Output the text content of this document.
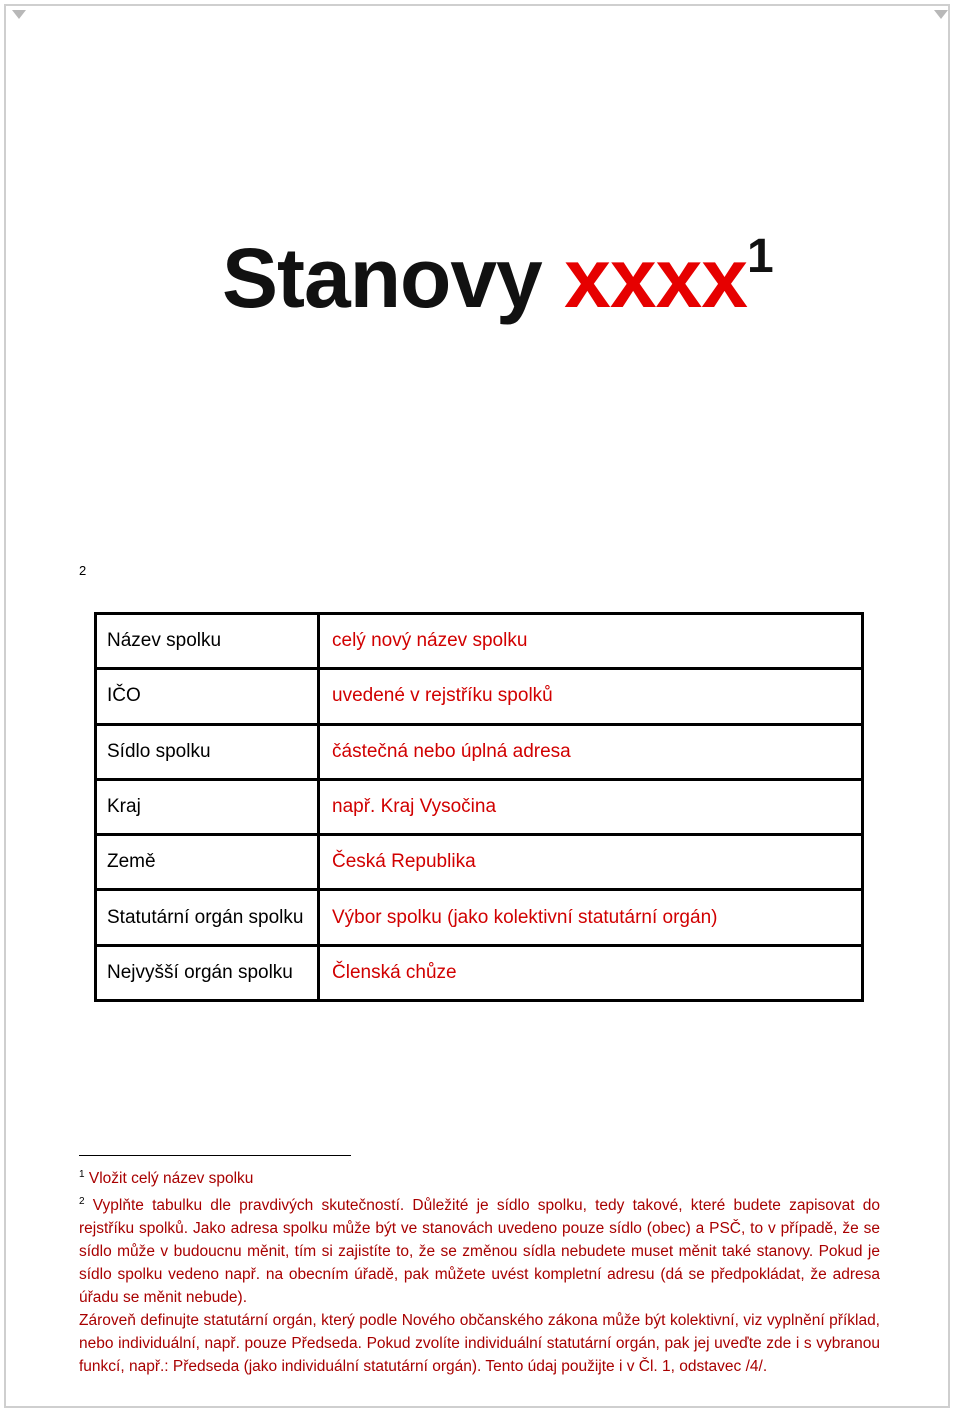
Stanovy xxxx$^1$
2
Název spolku	celý nový název spolku
IČO	uvedené v rejstříku spolků
Sídlo spolku	částečná nebo úplná adresa
Kraj	např. Kraj Vysočina
Země	Česká Republika
Statutární orgán spolku	Výbor spolku (jako kolektivní statutární orgán)
Nejvyšší orgán spolku	Členská chůze

$^1$ Vložit celý název spolku

$^2$ Vyplňte tabulku dle pravdivých skutečností. Důležité je sídlo spolku, tedy takové, které budete zapisovat do rejstříku spolků. Jako adresa spolku může být ve stanovách uvedeno pouze sídlo (obec) a PSČ, to v případě, že se sídlo může v budoucnu měnit, tím si zajistíte to, že se změnou sídla nebudete muset měnit také stanovy. Pokud je sídlo spolku vedeno např. na obecním úřadě, pak můžete uvést kompletní adresu (dá se předpokládat, že adresa úřadu se měnit nebude).

Zároveň definujte statutární orgán, který podle Nového občanského zákona může být kolektivní, viz vyplnění příklad, nebo individuální, např. pouze Předseda. Pokud zvolíte individuální statutární orgán, pak jej uveďte zde i s vybranou funkcí, např.: Předseda (jako individuální statutární orgán). Tento údaj použijte i v Čl. 1, odstavec /4/.
